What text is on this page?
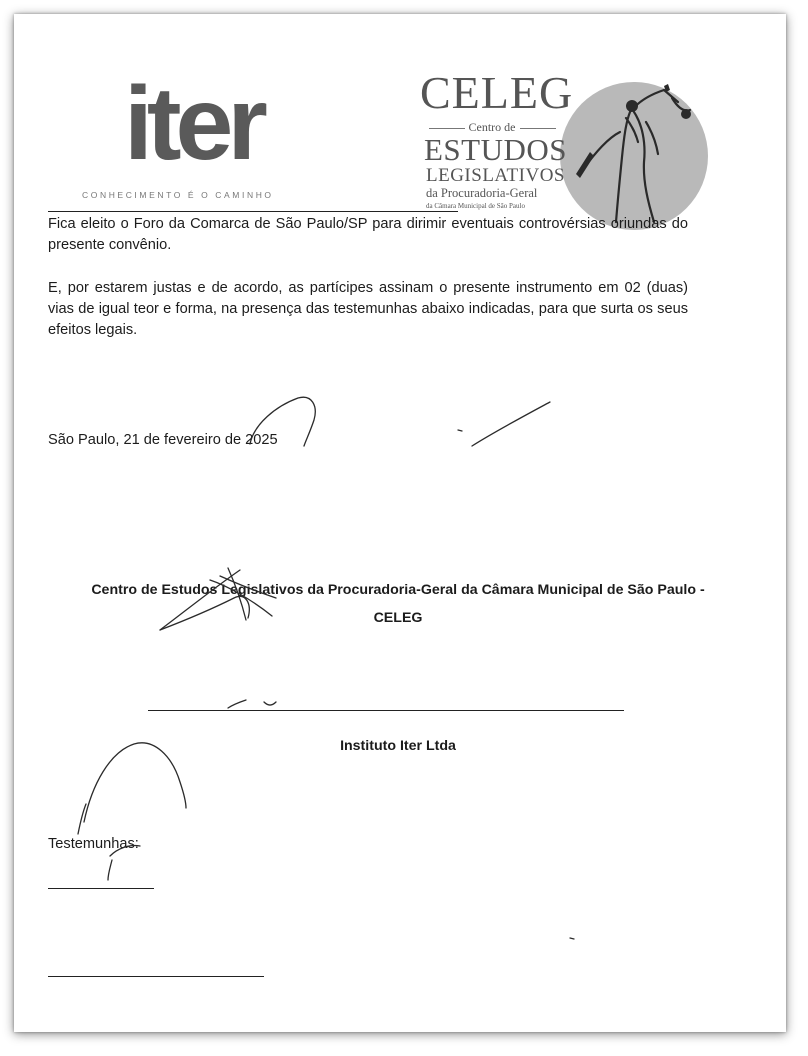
iter
CONHECIMENTO É O CAMINHO
CELEG
Centro de
ESTUDOS
LEGISLATIVOS
da Procuradoria-Geral
da Câmara Municipal de São Paulo

Fica eleito o Foro da Comarca de São Paulo/SP para dirimir eventuais controvérsias oriundas do presente convênio.

E, por estarem justas e de acordo, as partícipes assinam o presente instrumento em 02 (duas) vias de igual teor e forma, na presença das testemunhas abaixo indicadas, para que surta os seus efeitos legais.

São Paulo, 21 de fevereiro de 2025
Centro de Estudos Legislativos da Procuradoria-Geral da Câmara Municipal de São Paulo -
CELEG
Instituto Iter Ltda
Testemunhas:
